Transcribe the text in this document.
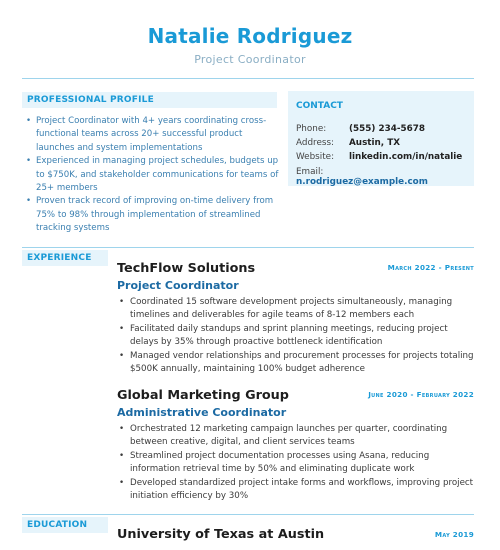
Natalie Rodriguez
Project Coordinator
PROFESSIONAL PROFILE
• Project Coordinator with 4+ years coordinating cross-functional teams across 20+ successful product launches and system implementations
• Experienced in managing project schedules, budgets up to $750K, and stakeholder communications for teams of 25+ members
• Proven track record of improving on-time delivery from 75% to 98% through implementation of streamlined tracking systems
CONTACT
Phone:	(555) 234-5678
Address: Austin, TX
Website: linkedin.com/in/natalie
Email:n.rodriguez@example.com
EXPERIENCE
TechFlow Solutions	March 2022 - Present
Project Coordinator
• Coordinated 15 software development projects simultaneously, managing timelines and deliverables for agile teams of 8-12 members each
• Facilitated daily standups and sprint planning meetings, reducing project delays by 35% through proactive bottleneck identification
• Managed vendor relationships and procurement processes for projects totaling $500K annually, maintaining 100% budget adherence
Global Marketing Group	June 2020 - February 2022
Administrative Coordinator
• Orchestrated 12 marketing campaign launches per quarter, coordinating between creative, digital, and client services teams
• Streamlined project documentation processes using Asana, reducing information retrieval time by 50% and eliminating duplicate work
• Developed standardized project intake forms and workflows, improving project initiation efficiency by 30%
EDUCATION
University of Texas at Austin	May 2019
